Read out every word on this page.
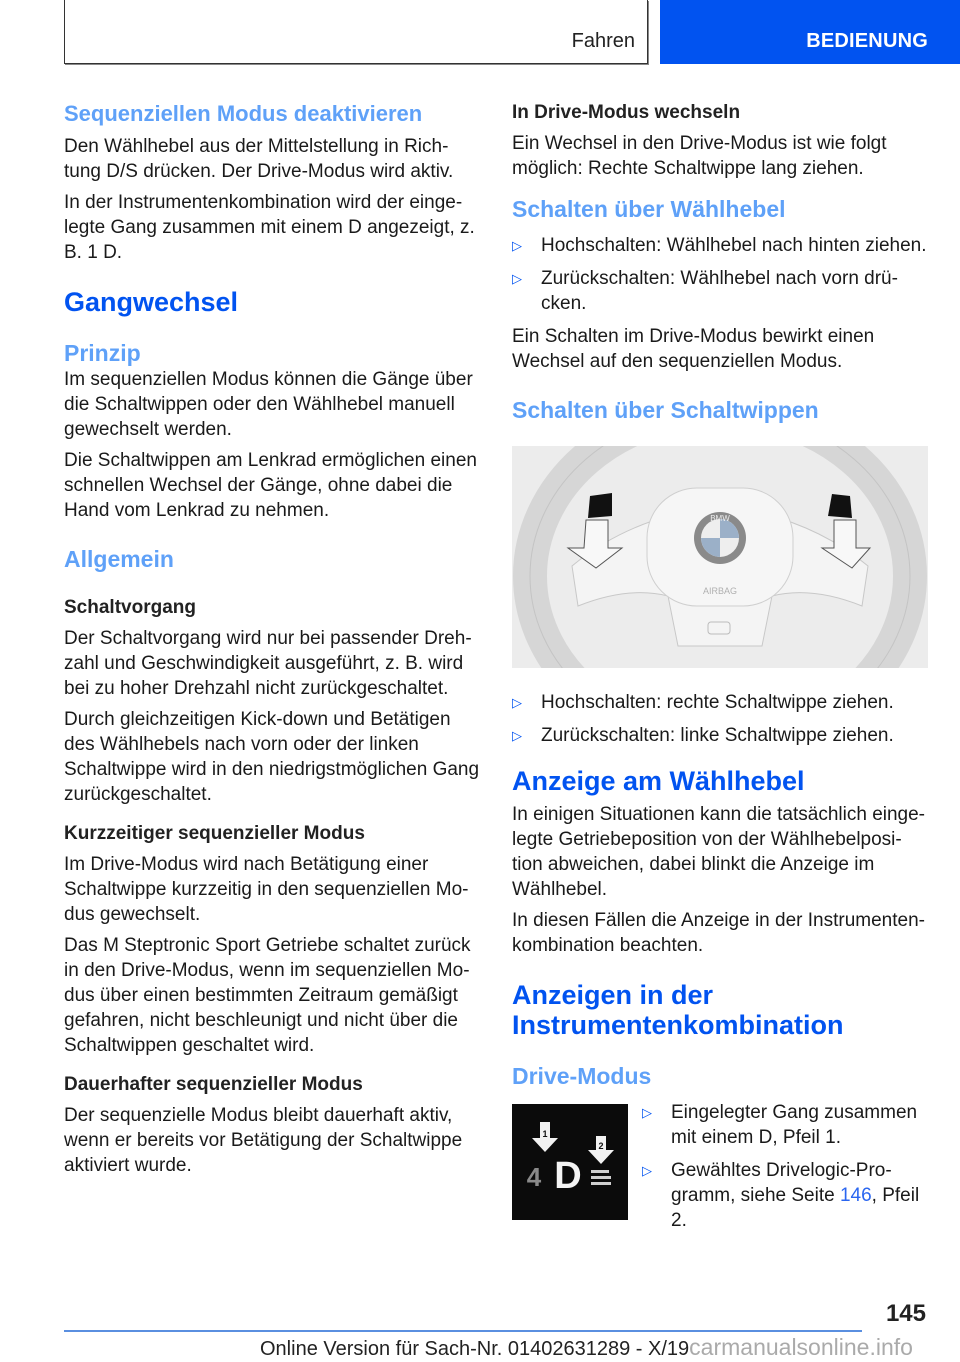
Fahren	BEDIENUNG
Sequenziellen Modus deaktivieren

Den Wählhebel aus der Mittelstellung in Rich-tung D/S drücken. Der Drive-Modus wird aktiv.

In der Instrumentenkombination wird der einge-legte Gang zusammen mit einem D angezeigt, z. B. 1 D.

Gangwechsel
Prinzip

Im sequenziellen Modus können die Gänge über die Schaltwippen oder den Wählhebel manuell gewechselt werden.

Die Schaltwippen am Lenkrad ermöglichen einen schnellen Wechsel der Gänge, ohne dabei die Hand vom Lenkrad zu nehmen.

Allgemein
Schaltvorgang

Der Schaltvorgang wird nur bei passender Dreh-zahl und Geschwindigkeit ausgeführt, z. B. wird bei zu hoher Drehzahl nicht zurückgeschaltet.

Durch gleichzeitigen Kick-down und Betätigen des Wählhebels nach vorn oder der linken Schaltwippe wird in den niedrigstmöglichen Gang zurückgeschaltet.

Kurzzeitiger sequenzieller Modus

Im Drive-Modus wird nach Betätigung einer Schaltwippe kurzzeitig in den sequenziellen Mo-dus gewechselt.

Das M Steptronic Sport Getriebe schaltet zurück in den Drive-Modus, wenn im sequenziellen Mo-dus über einen bestimmten Zeitraum gemäßigt gefahren, nicht beschleunigt und nicht über die Schaltwippen geschaltet wird.

Dauerhafter sequenzieller Modus

Der sequenzielle Modus bleibt dauerhaft aktiv, wenn er bereits vor Betätigung der Schaltwippe aktiviert wurde.

In Drive-Modus wechseln

Ein Wechsel in den Drive-Modus ist wie folgt möglich: Rechte Schaltwippe lang ziehen.

Schalten über Wählhebel
▷ Hochschalten: Wählhebel nach hinten ziehen.
▷ Zurückschalten: Wählhebel nach vorn drü-cken.

Ein Schalten im Drive-Modus bewirkt einen Wechsel auf den sequenziellen Modus.

Schalten über Schaltwippen
BMW
AIRBAG
▷ Hochschalten: rechte Schaltwippe ziehen.
▷ Zurückschalten: linke Schaltwippe ziehen.
Anzeige am Wählhebel

In einigen Situationen kann die tatsächlich einge-legte Getriebeposition von der Wählhebelposi-tion abweichen, dabei blinkt die Anzeige im Wählhebel.

In diesen Fällen die Anzeige in der Instrumenten-kombination beachten.

Anzeigen in der Instrumentenkombination
Drive-Modus
1
2
4 D
▷ Eingelegter Gang zusammen mit einem D, Pfeil 1.
▷ Gewähltes Drivelogic-Pro-gramm, siehe Seite 146, Pfeil 2.
145
Online Version für Sach-Nr. 01402631289 - X/19carmanualsonline.info
